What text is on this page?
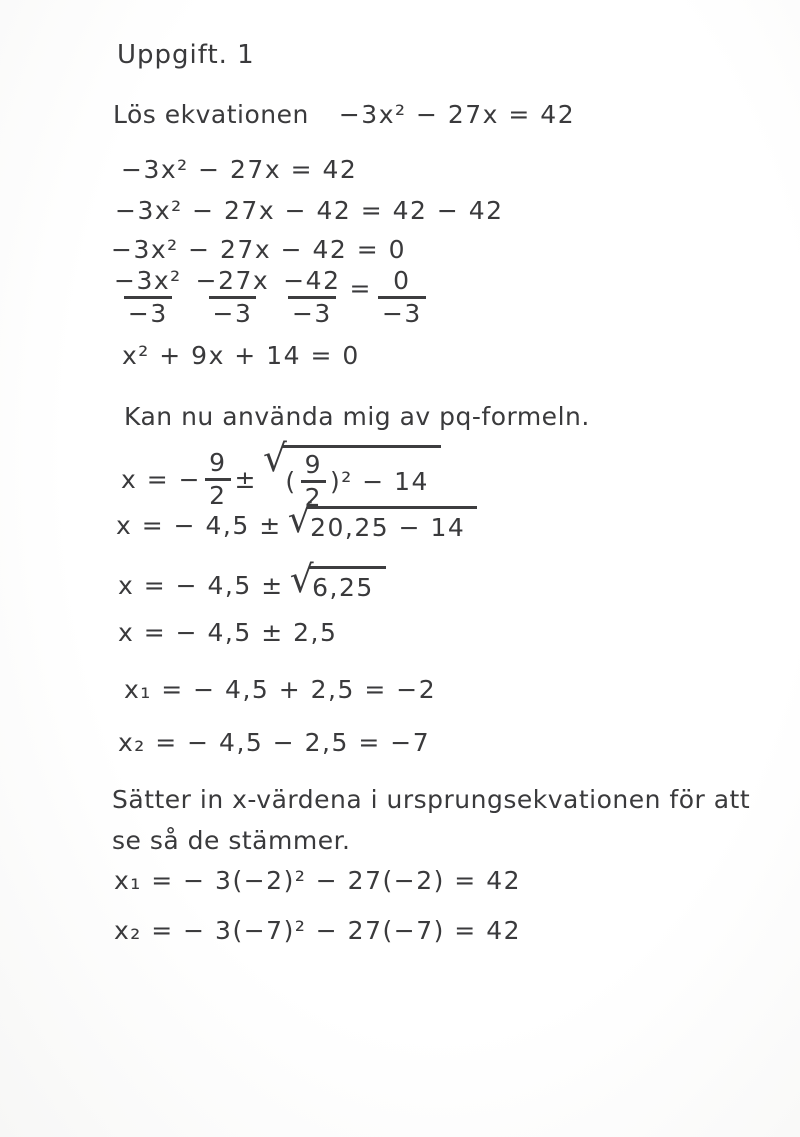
Uppgift. 1
Lös ekvationen −3x² − 27x = 42
−3x² − 27x = 42
−3x² − 27x − 42 = 42 − 42
−3x² − 27x − 42 = 0
$\frac{\text{−3x²}}{-3} \frac{-27x}{-3} \frac{-42}{-3} = \frac{0}{-3}$
x² + 9x + 14 = 0
Kan nu använda mig av pq-formeln.
x = − $\frac{9}{2}$ ± √
( $\frac{9}{2} )^2 - 14$
x = − 4,5 ± √
20,25 − 14
x = − 4,5 ± √
6,25
x = − 4,5 ± 2,5
x₁ = − 4,5 + 2,5 = −2
x₂ = − 4,5 − 2,5 = −7
Sätter in x-värdena i ursprungsekvationen för att
se så de stämmer.
x₁ = − 3(−2)² − 27(−2) = 42
x₂ = − 3(−7)² − 27(−7) = 42
